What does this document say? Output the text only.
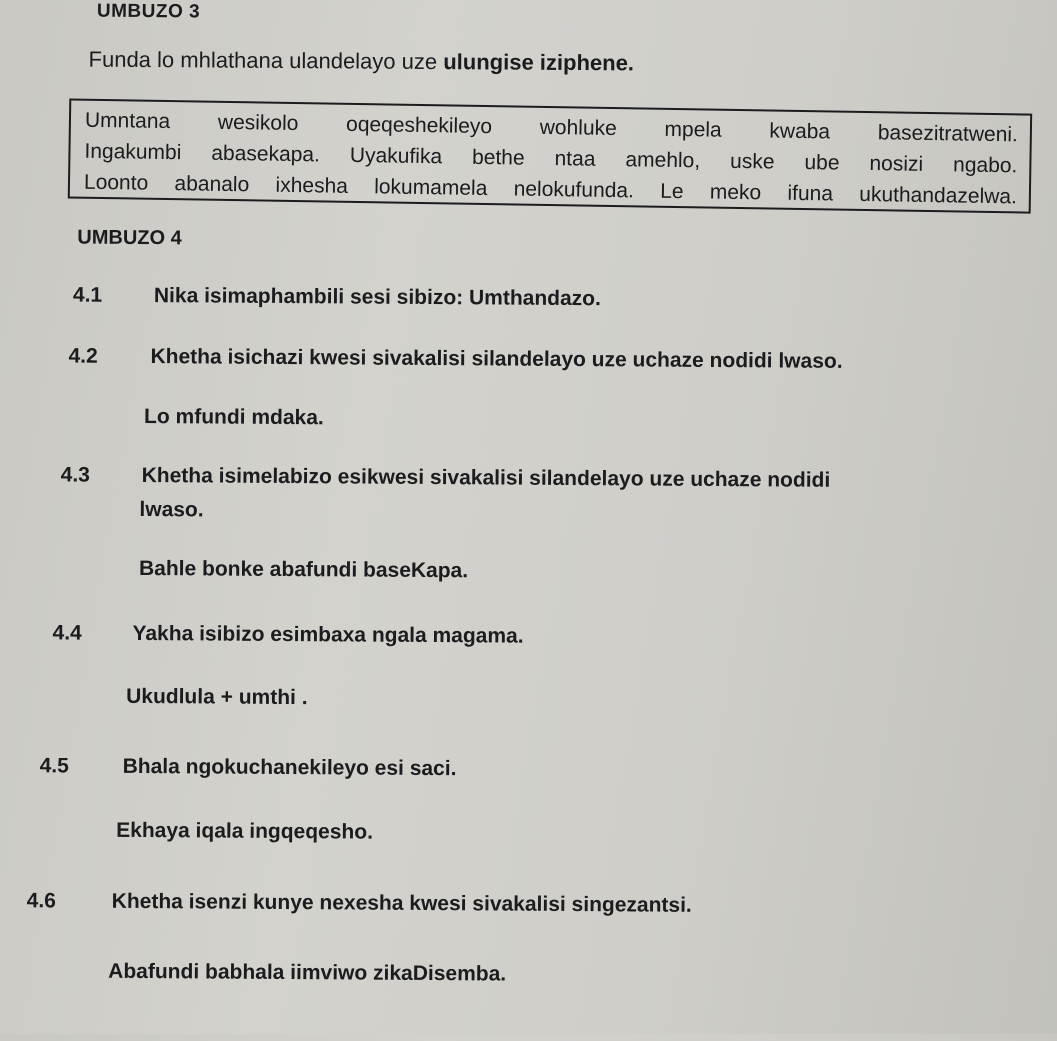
UMBUZO 3
Funda lo mhlathana ulandelayo uze ulungise iziphene.
Umntana wesikolo oqeqeshekileyo wohluke mpela kwaba basezitratweni.
Ingakumbi abasekapa. Uyakufika bethe ntaa amehlo, uske ube nosizi ngabo.
Loonto abanalo ixhesha lokumamela nelokufunda. Le meko ifuna ukuthandazelwa.
UMBUZO 4
4.1 Nika isimaphambili sesi sibizo: Umthandazo.
4.2	Khetha isichazi kwesi sivakalisi silandelayo uze uchaze nodidi lwaso.
Lo mfundi mdaka.
4.3 Khetha isimelabizo esikwesi sivakalisi silandelayo uze uchaze nodidi
lwaso.
Bahle bonke abafundi baseKapa.
4.4 Yakha isibizo esimbaxa ngala magama.
Ukudlula + umthi .
4.5	Bhala ngokuchanekileyo esi saci.
Ekhaya iqala ingqeqesho.
4.6	Khetha isenzi kunye nexesha kwesi sivakalisi singezantsi.
Abafundi babhala iimviwo zikaDisemba.
